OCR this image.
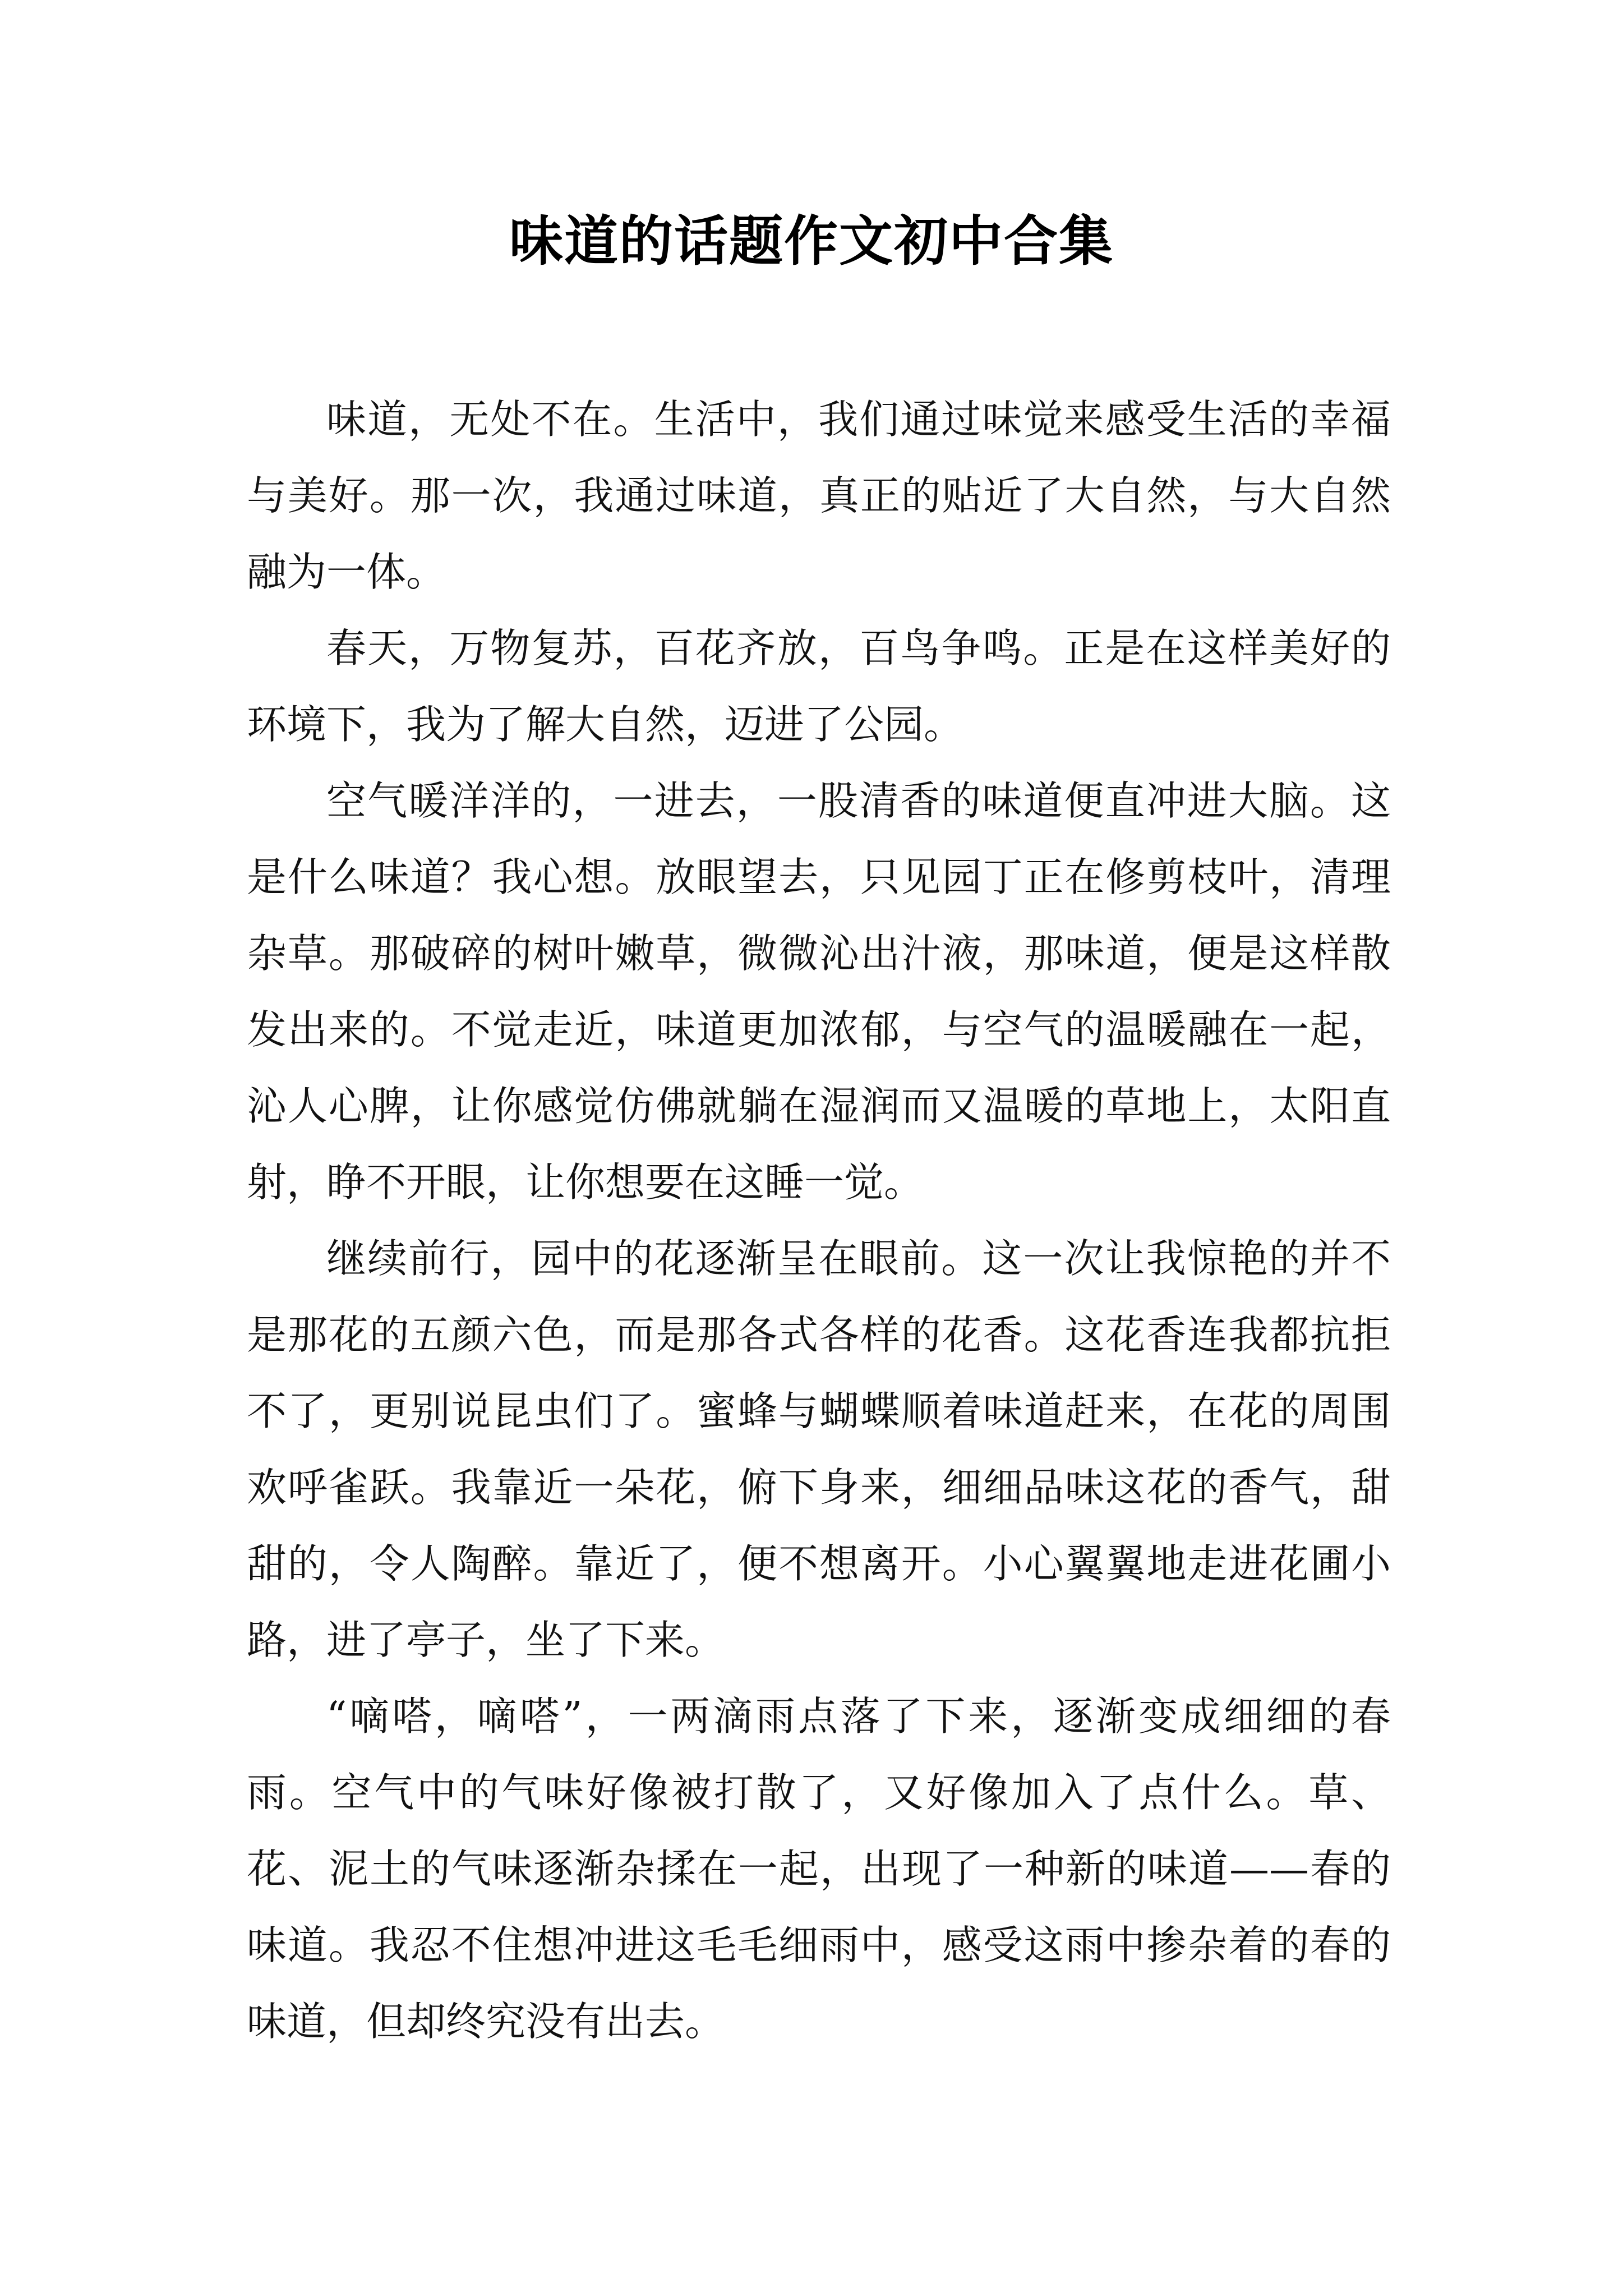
味道的话题作文初中合集

味道，无处不在。生活中，我们通过味觉来感受生活的幸福与美好。那一次，我通过味道，真正的贴近了大自然，与大自然融为一体。

春天，万物复苏，百花齐放，百鸟争鸣。正是在这样美好的环境下，我为了解大自然，迈进了公园。

空气暖洋洋的，一进去，一股清香的味道便直冲进大脑。这是什么味道？我心想。放眼望去，只见园丁正在修剪枝叶，清理杂草。那破碎的树叶嫩草，微微沁出汁液，那味道，便是这样散发出来的。不觉走近，味道更加浓郁，与空气的温暖融在一起，沁人心脾，让你感觉仿佛就躺在湿润而又温暖的草地上，太阳直射，睁不开眼，让你想要在这睡一觉。

继续前行，园中的花逐渐呈在眼前。这一次让我惊艳的并不是那花的五颜六色，而是那各式各样的花香。这花香连我都抗拒不了，更别说昆虫们了。蜜蜂与蝴蝶顺着味道赶来，在花的周围欢呼雀跃。我靠近一朵花，俯下身来，细细品味这花的香气，甜甜的，令人陶醉。靠近了，便不想离开。小心翼翼地走进花圃小路，进了亭子，坐了下来。

“嘀嗒，嘀嗒”，一两滴雨点落了下来，逐渐变成细细的春雨。空气中的气味好像被打散了，又好像加入了点什么。草、花、泥土的气味逐渐杂揉在一起，出现了一种新的味道——春的味道。我忍不住想冲进这毛毛细雨中，感受这雨中掺杂着的春的味道，但却终究没有出去。
